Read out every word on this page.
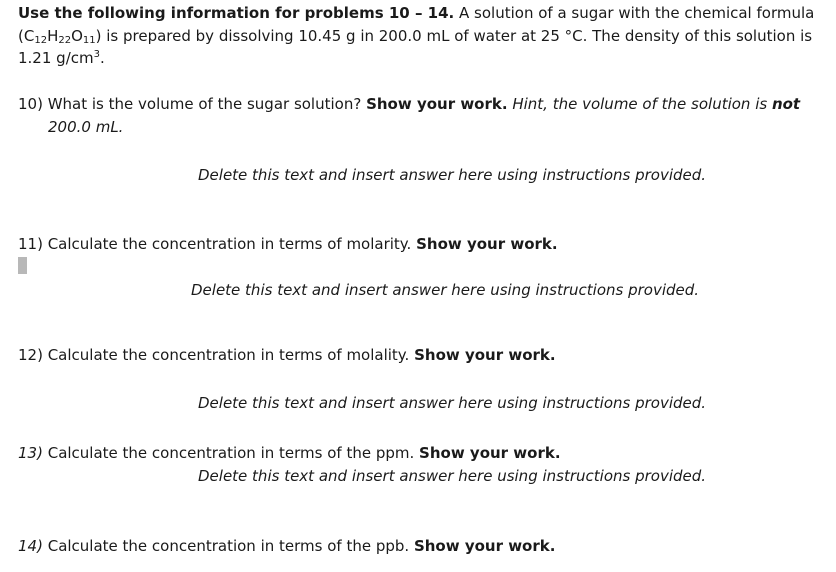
Use the following information for problems 10 – 14. A solution of a sugar with the chemical formula
$(C_{12}H_{22}O_{11})$ is prepared by dissolving 10.45 g in 200.0 mL of water at 25 °C. The density of this solution is
1.21 $g/cm^3$.
10) What is the volume of the sugar solution? Show your work. Hint, the volume of the solution is not
200.0 mL.
Delete this text and insert answer here using instructions provided.
11) Calculate the concentration in terms of molarity. Show your work.
Delete this text and insert answer here using instructions provided.
12) Calculate the concentration in terms of molality. Show your work.
Delete this text and insert answer here using instructions provided.
13) Calculate the concentration in terms of the ppm. Show your work.
Delete this text and insert answer here using instructions provided.
14) Calculate the concentration in terms of the ppb. Show your work.
